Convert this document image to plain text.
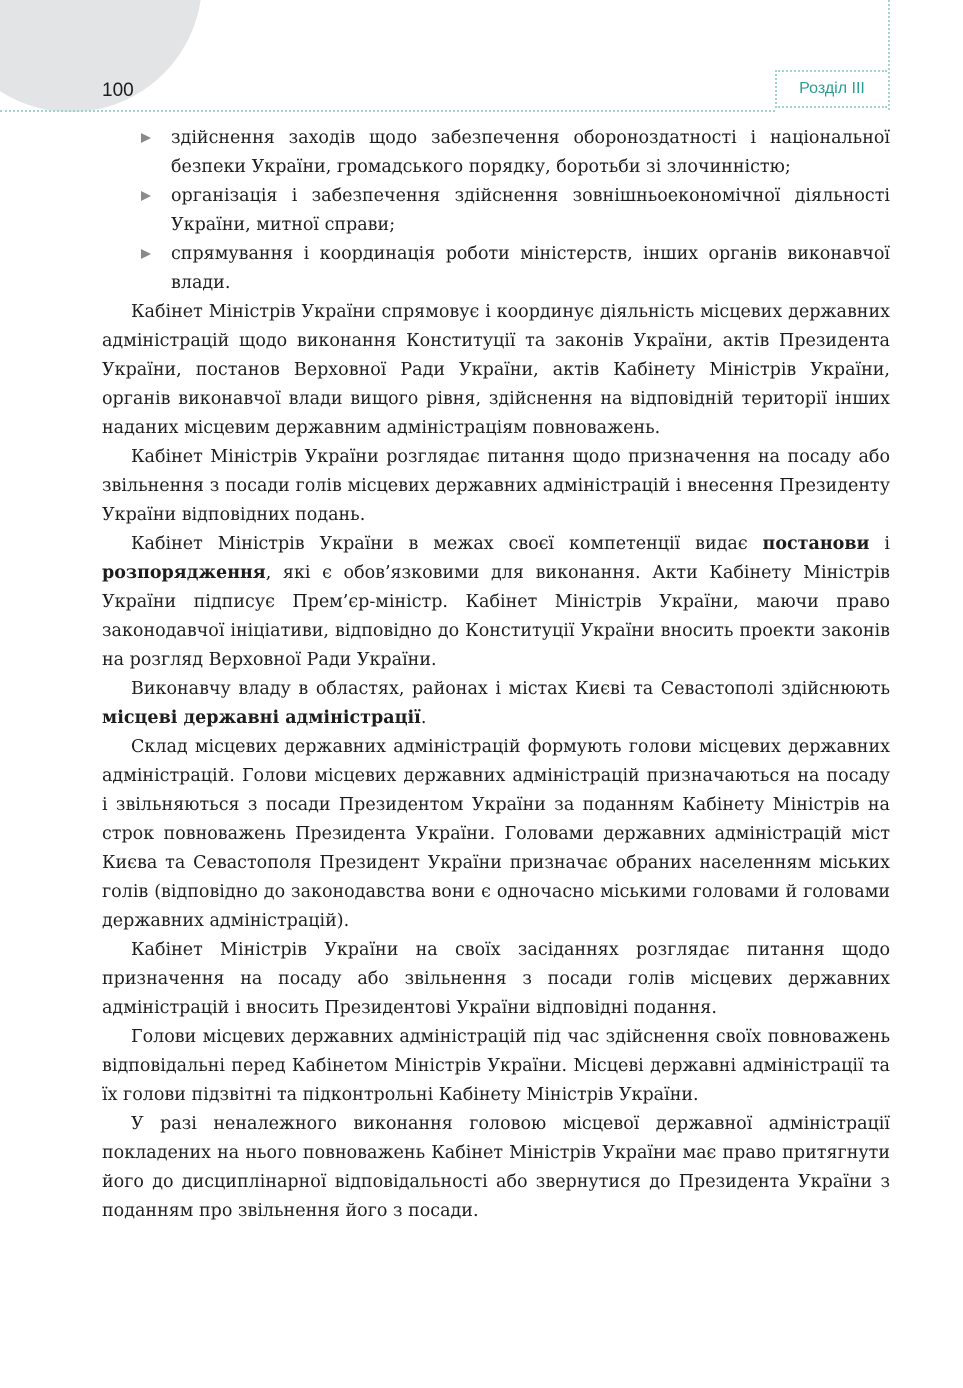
100	Розділ III
здійснення заходів щодо забезпечення обороноздатності і національної безпеки України, громадського порядку, боротьби зі злочинністю;
організація і забезпечення здійснення зовнішньоекономічної діяльності України, митної справи;
спрямування і координація роботи міністерств, інших органів виконавчої влади.

Кабінет Міністрів України спрямовує і координує діяльність місцевих державних адміністрацій щодо виконання Конституції та законів України, актів Президента України, постанов Верховної Ради України, актів Кабінету Міністрів України, органів виконавчої влади вищого рівня, здійснення на відповідній території інших наданих місцевим державним адміністраціям повноважень.

Кабінет Міністрів України розглядає питання щодо призначення на посаду або звільнення з посади голів місцевих державних адміністрацій і внесення Президенту України відповідних подань.

Кабінет Міністрів України в межах своєї компетенції видає постанови і розпорядження, які є обов’язковими для виконання. Акти Кабінету Міністрів України підписує Прем’єр-міністр. Кабінет Міністрів України, маючи право законодавчої ініціативи, відповідно до Конституції України вносить проекти законів на розгляд Верховної Ради України.

Виконавчу владу в областях, районах і містах Києві та Севастополі здійснюють місцеві державні адміністрації.

Склад місцевих державних адміністрацій формують голови місцевих державних адміністрацій. Голови місцевих державних адміністрацій призначаються на посаду і звільняються з посади Президентом України за поданням Кабінету Міністрів на строк повноважень Президента України. Головами державних адміністрацій міст Києва та Севастополя Президент України призначає обраних населенням міських голів (відповідно до законодавства вони є одночасно міськими головами й головами державних адміністрацій).

Кабінет Міністрів України на своїх засіданнях розглядає питання щодо призначення на посаду або звільнення з посади голів місцевих державних адміністрацій і вносить Президентові України відповідні подання.

Голови місцевих державних адміністрацій під час здійснення своїх повноважень відповідальні перед Кабінетом Міністрів України. Місцеві державні адміністрації та їх голови підзвітні та підконтрольні Кабінету Міністрів України.

У разі неналежного виконання головою місцевої державної адміністрації покладених на нього повноважень Кабінет Міністрів України має право притягнути його до дисциплінарної відповідальності або звернутися до Президента України з поданням про звільнення його з посади.
